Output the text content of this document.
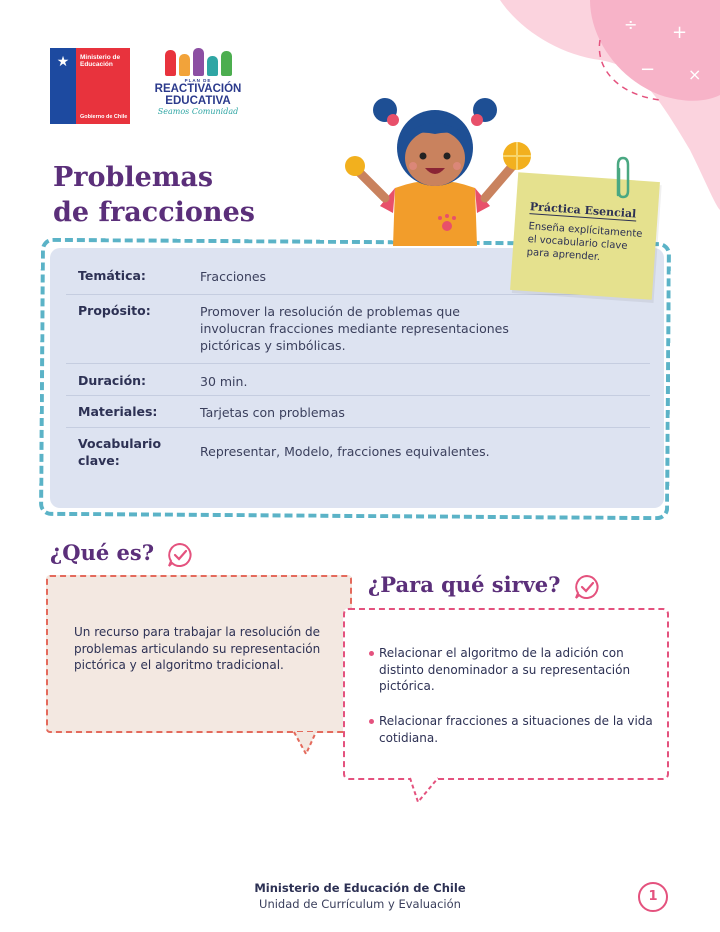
+
÷
− ×
★ Ministerio de
Educación
Gobierno de Chile
PLAN DE
REACTIVACIÓN
EDUCATIVA
Seamos Comunidad
Problemas
de fracciones
Temática:	Fracciones
Propósito:	Promover la resolución de problemas que involucran fracciones mediante representaciones pictóricas y simbólicas.
Duración:	30 min.
Materiales:	Tarjetas con problemas
Vocabulario clave:
Representar, Modelo, fracciones equivalentes.
Práctica Esencial
Enseña explícitamente el vocabulario clave para aprender.
¿Qué es?
Un recurso para trabajar la resolución de problemas articulando su representación pictórica y el algoritmo tradicional.
¿Para qué sirve?
Relacionar el algoritmo de la adición con distinto denominador a su representación pictórica.
Relacionar fracciones a situaciones de la vida cotidiana.
Ministerio de Educación de Chile
Unidad de Currículum y Evaluación	1
